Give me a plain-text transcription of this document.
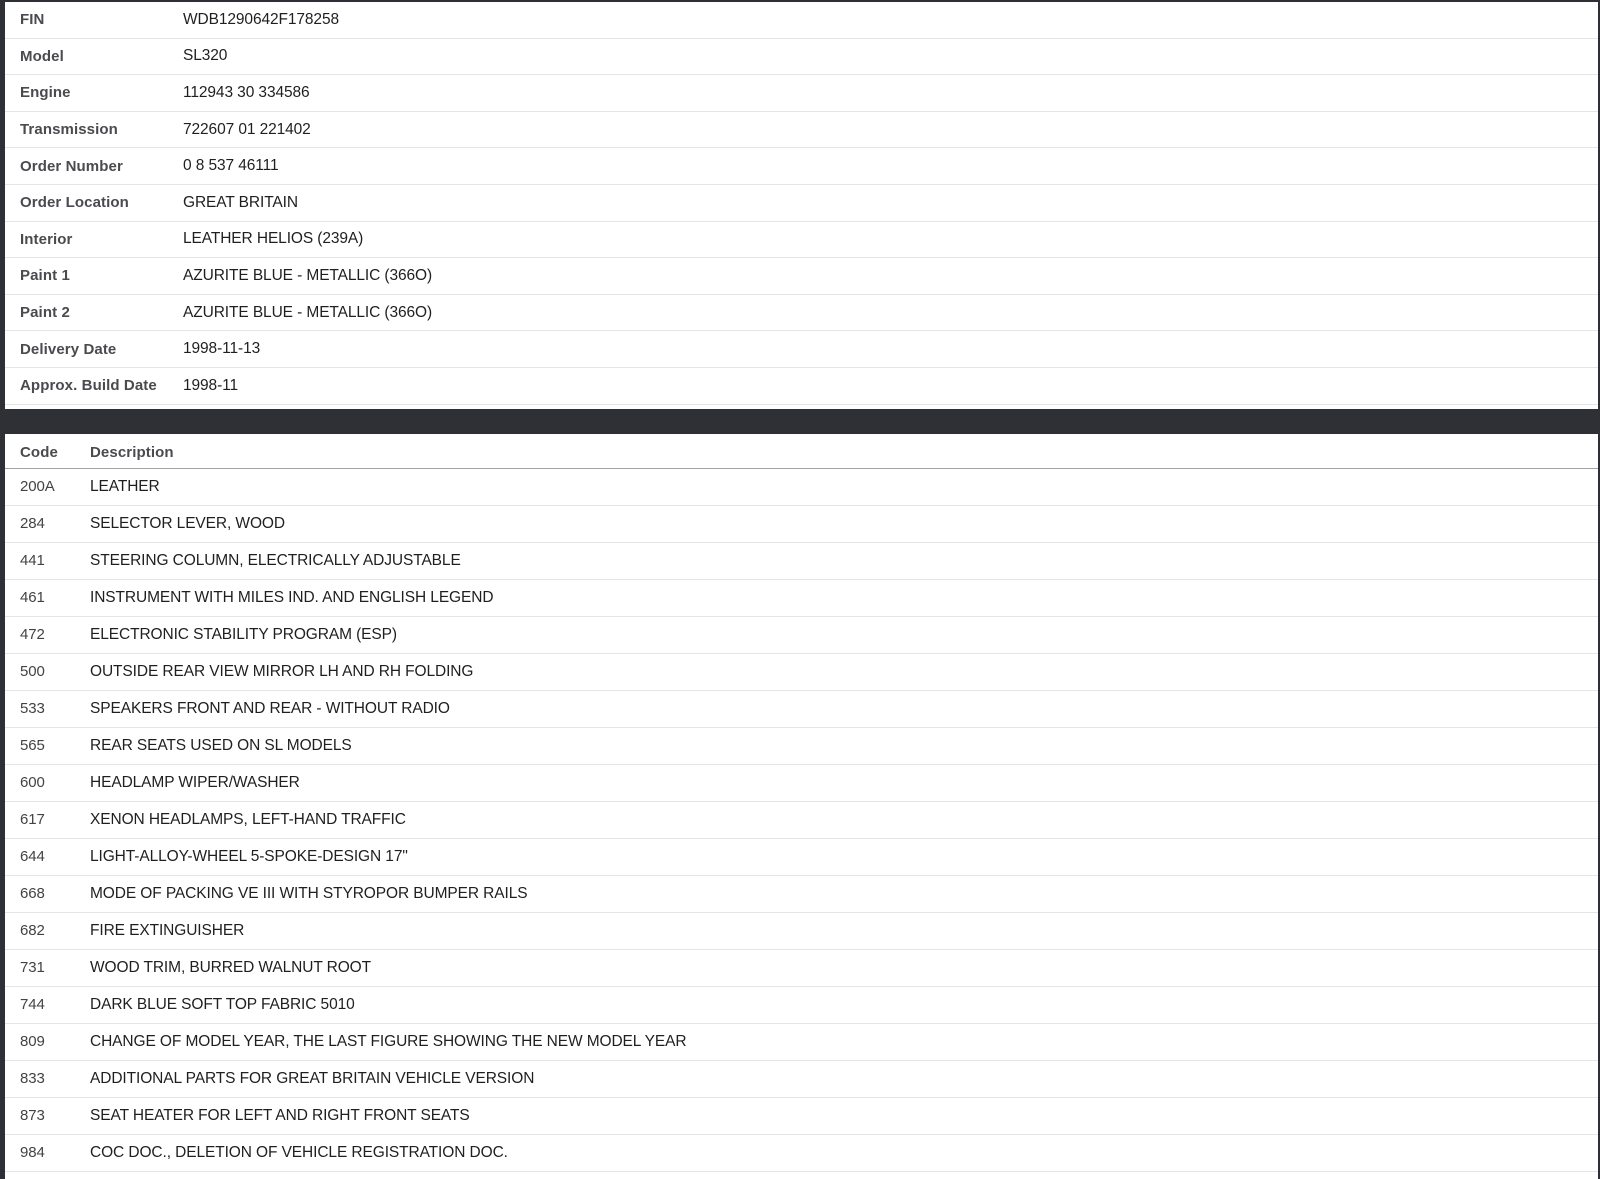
FIN	WDB1290642F178258
Model	SL320
Engine	112943 30 334586
Transmission	722607 01 221402
Order Number	0 8 537 46111
Order Location	GREAT BRITAIN
Interior	LEATHER HELIOS (239A)
Paint 1	AZURITE BLUE - METALLIC (366O)
Paint 2	AZURITE BLUE - METALLIC (366O)
Delivery Date	1998-11-13
Approx. Build Date	1998-11
Code	Description
200A	LEATHER
284	SELECTOR LEVER, WOOD
441	STEERING COLUMN, ELECTRICALLY ADJUSTABLE
461	INSTRUMENT WITH MILES IND. AND ENGLISH LEGEND
472	ELECTRONIC STABILITY PROGRAM (ESP)
500	OUTSIDE REAR VIEW MIRROR LH AND RH FOLDING
533	SPEAKERS FRONT AND REAR - WITHOUT RADIO
565	REAR SEATS USED ON SL MODELS
600	HEADLAMP WIPER/WASHER
617	XENON HEADLAMPS, LEFT-HAND TRAFFIC
644	LIGHT-ALLOY-WHEEL 5-SPOKE-DESIGN 17"
668	MODE OF PACKING VE III WITH STYROPOR BUMPER RAILS
682	FIRE EXTINGUISHER
731	WOOD TRIM, BURRED WALNUT ROOT
744	DARK BLUE SOFT TOP FABRIC 5010
809	CHANGE OF MODEL YEAR, THE LAST FIGURE SHOWING THE NEW MODEL YEAR
833	ADDITIONAL PARTS FOR GREAT BRITAIN VEHICLE VERSION
873	SEAT HEATER FOR LEFT AND RIGHT FRONT SEATS
984	COC DOC., DELETION OF VEHICLE REGISTRATION DOC.
